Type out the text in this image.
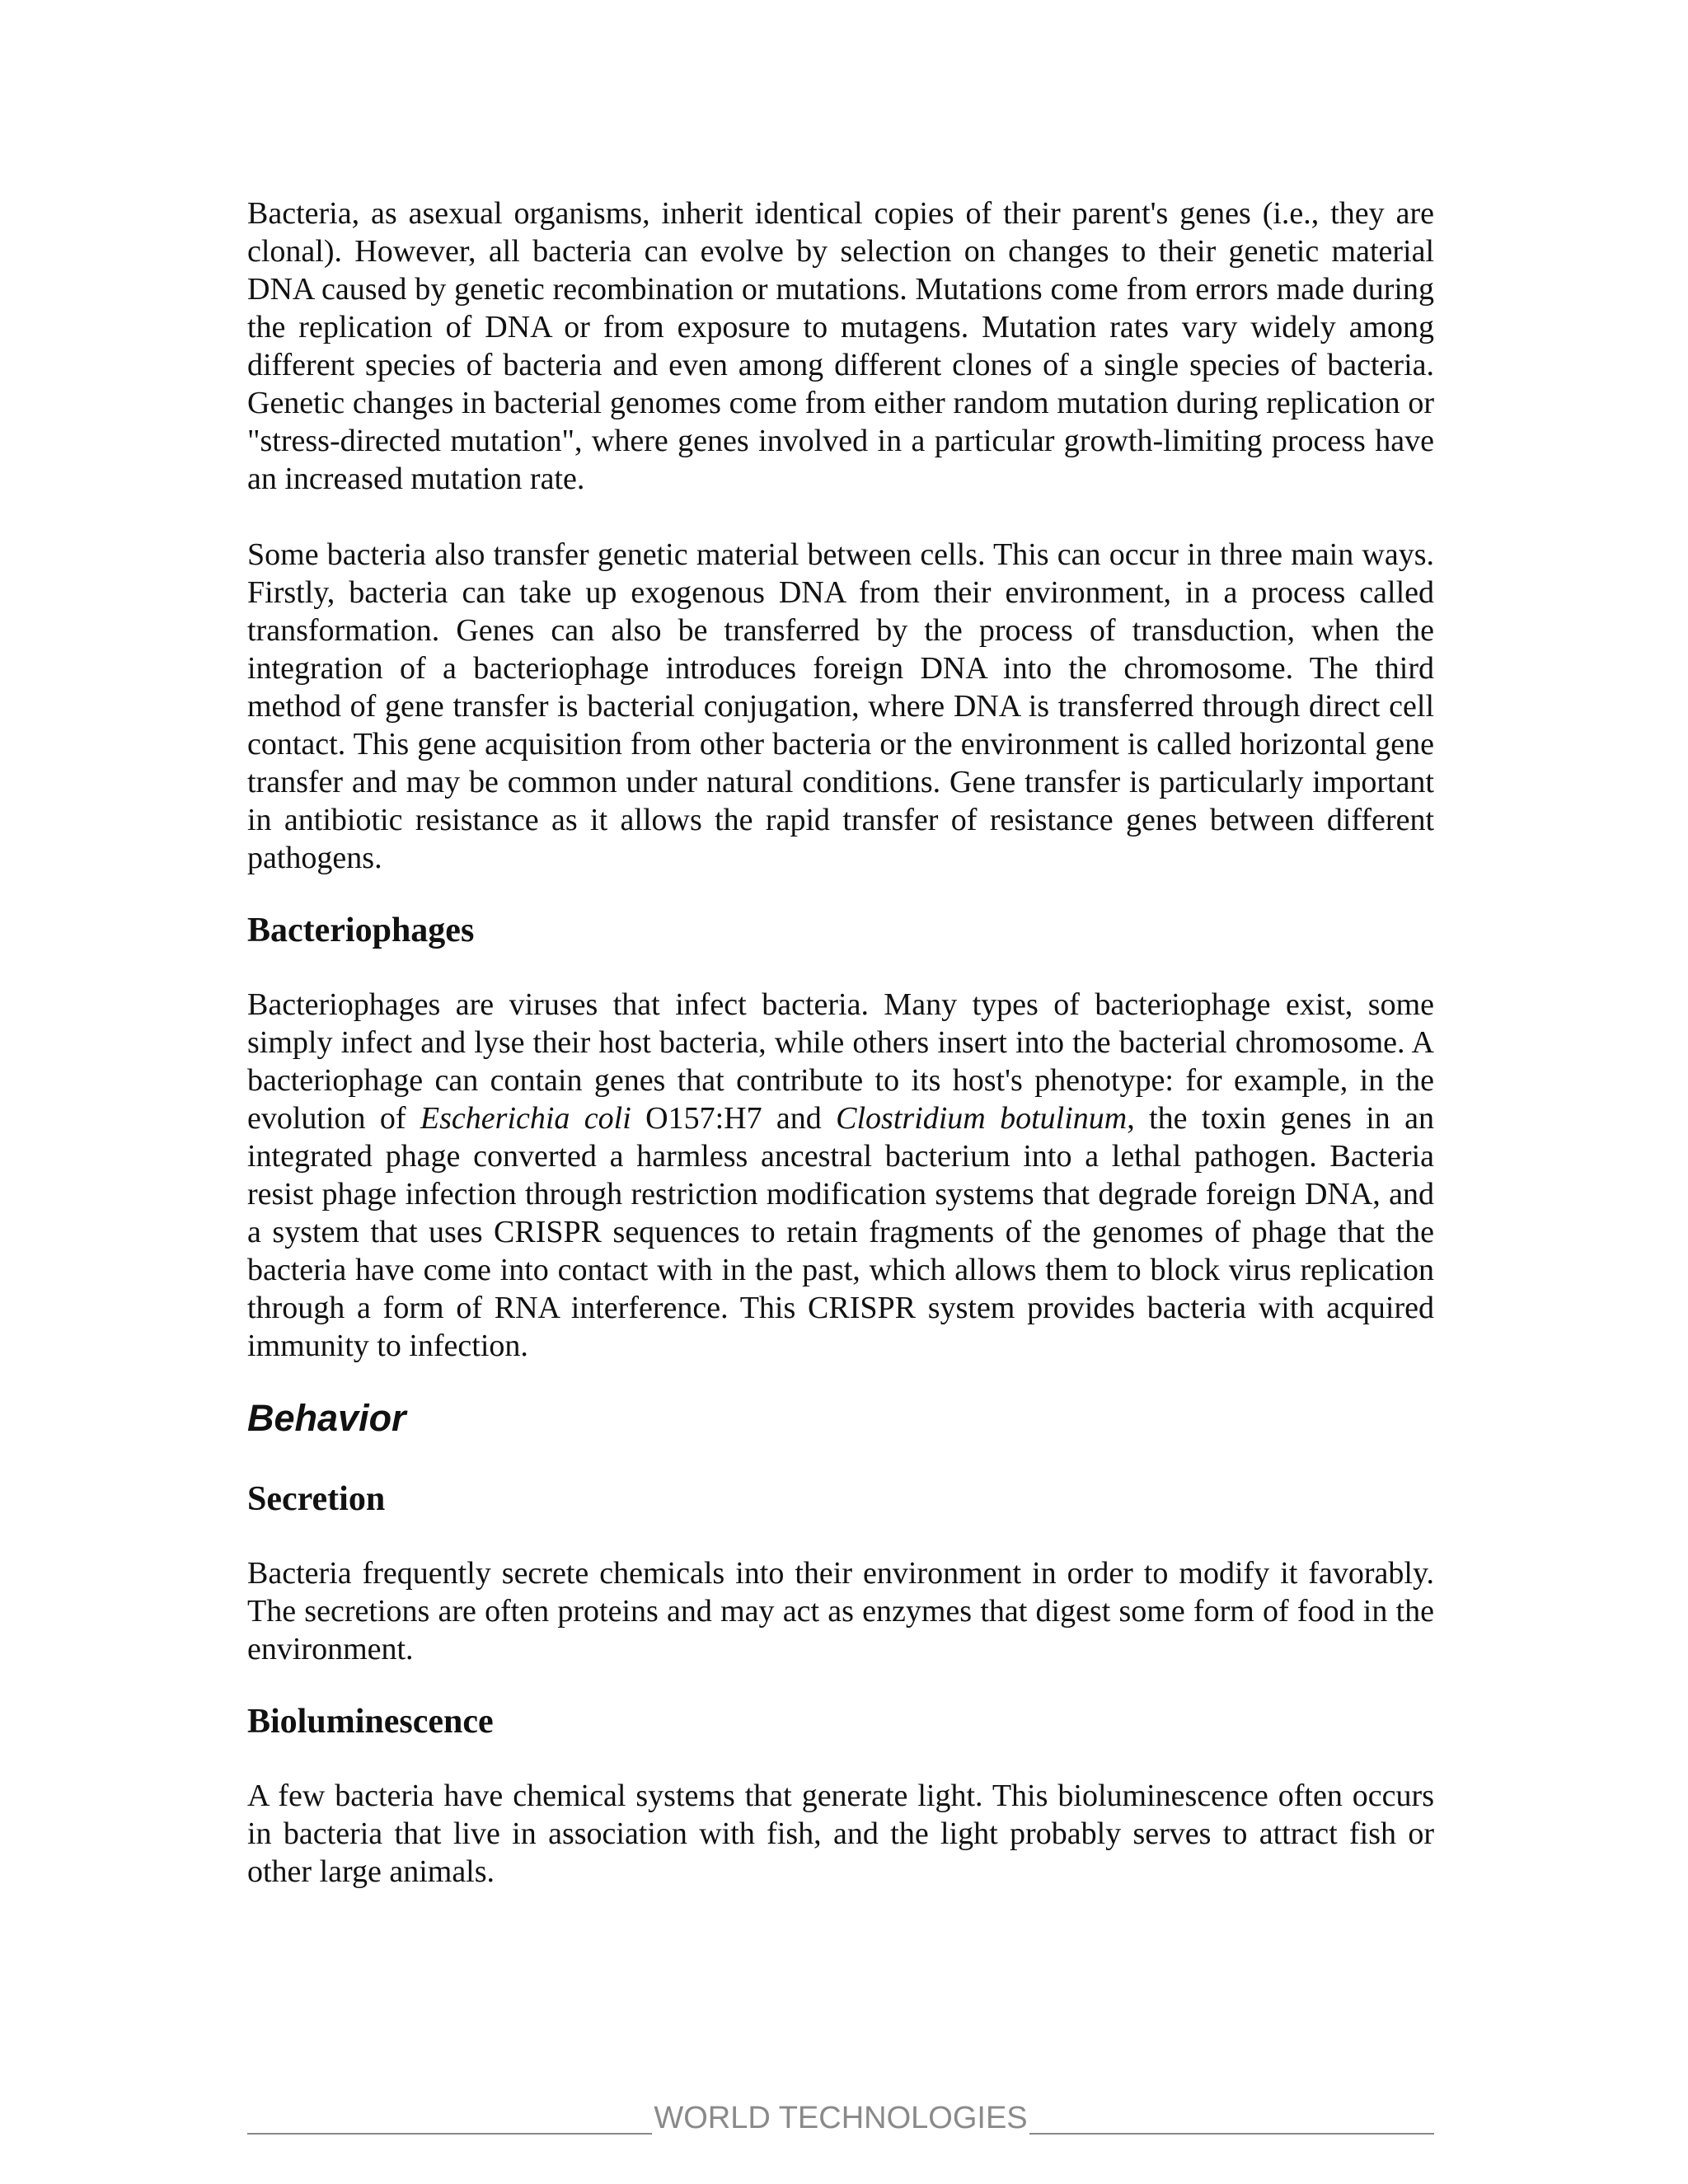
Bacteria, as asexual organisms, inherit identical copies of their parent's genes (i.e., they are clonal). However, all bacteria can evolve by selection on changes to their genetic material DNA caused by genetic recombination or mutations. Mutations come from errors made during the replication of DNA or from exposure to mutagens. Mutation rates vary widely among different species of bacteria and even among different clones of a single species of bacteria. Genetic changes in bacterial genomes come from either random mutation during replication or "stress-directed mutation", where genes involved in a particular growth-limiting process have an increased mutation rate.

Some bacteria also transfer genetic material between cells. This can occur in three main ways. Firstly, bacteria can take up exogenous DNA from their environment, in a process called transformation. Genes can also be transferred by the process of transduction, when the integration of a bacteriophage introduces foreign DNA into the chromosome. The third method of gene transfer is bacterial conjugation, where DNA is transferred through direct cell contact. This gene acquisition from other bacteria or the environment is called horizontal gene transfer and may be common under natural conditions. Gene transfer is particularly important in antibiotic resistance as it allows the rapid transfer of resistance genes between different pathogens.

Bacteriophages

Bacteriophages are viruses that infect bacteria. Many types of bacteriophage exist, some simply infect and lyse their host bacteria, while others insert into the bacterial chromosome. A bacteriophage can contain genes that contribute to its host's phenotype: for example, in the evolution of Escherichia coli O157:H7 and Clostridium botulinum, the toxin genes in an integrated phage converted a harmless ancestral bacterium into a lethal pathogen. Bacteria resist phage infection through restriction modification systems that degrade foreign DNA, and a system that uses CRISPR sequences to retain fragments of the genomes of phage that the bacteria have come into contact with in the past, which allows them to block virus replication through a form of RNA interference. This CRISPR system provides bacteria with acquired immunity to infection.

Behavior
Secretion

Bacteria frequently secrete chemicals into their environment in order to modify it favorably. The secretions are often proteins and may act as enzymes that digest some form of food in the environment.

Bioluminescence

A few bacteria have chemical systems that generate light. This bioluminescence often occurs in bacteria that live in association with fish, and the light probably serves to attract fish or other large animals.

WORLD TECHNOLOGIES
